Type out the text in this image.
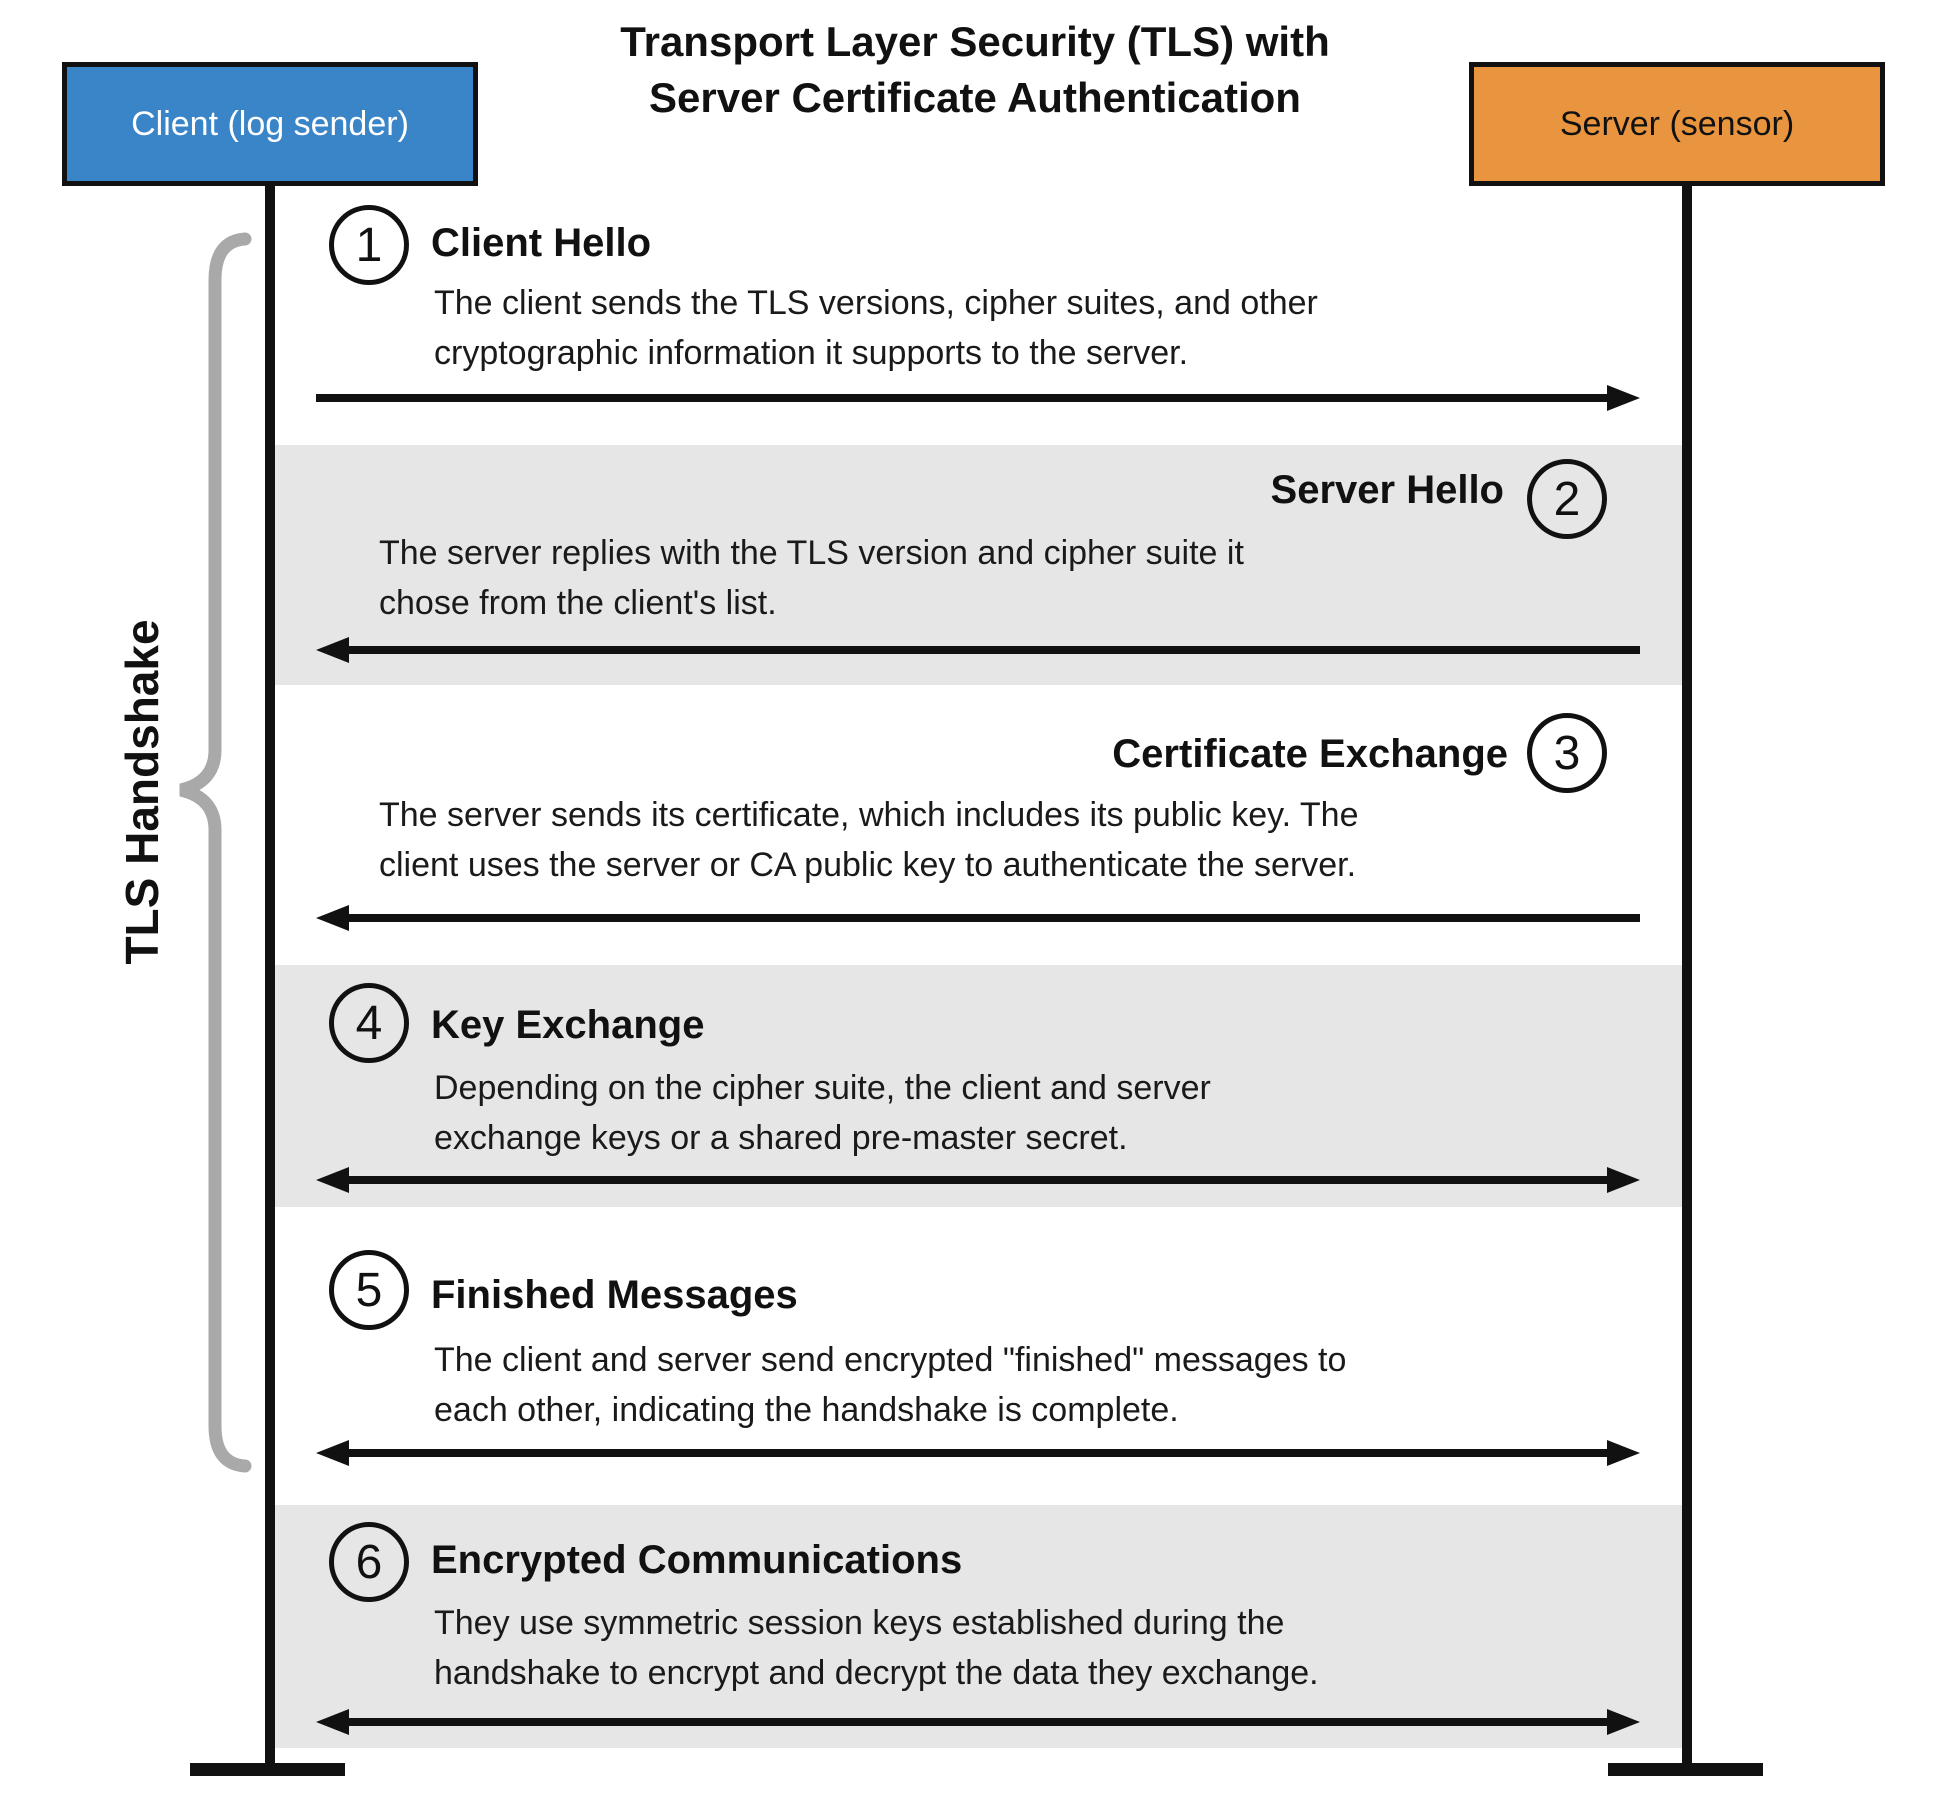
Transport Layer Security (TLS) with
Server Certificate Authentication
Client (log sender)	Server (sensor)
TLS Handshake
1 Client Hello
The client sends the TLS versions, cipher suites, and other
cryptographic information it supports to the server.
2
Server Hello
The server replies with the TLS version and cipher suite it
chose from the client's list.
3
Certificate Exchange
The server sends its certificate, which includes its public key. The
client uses the server or CA public key to authenticate the server.
4 Key Exchange
Depending on the cipher suite, the client and server
exchange keys or a shared pre-master secret.
5 Finished Messages
The client and server send encrypted "finished" messages to
each other, indicating the handshake is complete.
6 Encrypted Communications
They use symmetric session keys established during the
handshake to encrypt and decrypt the data they exchange.
